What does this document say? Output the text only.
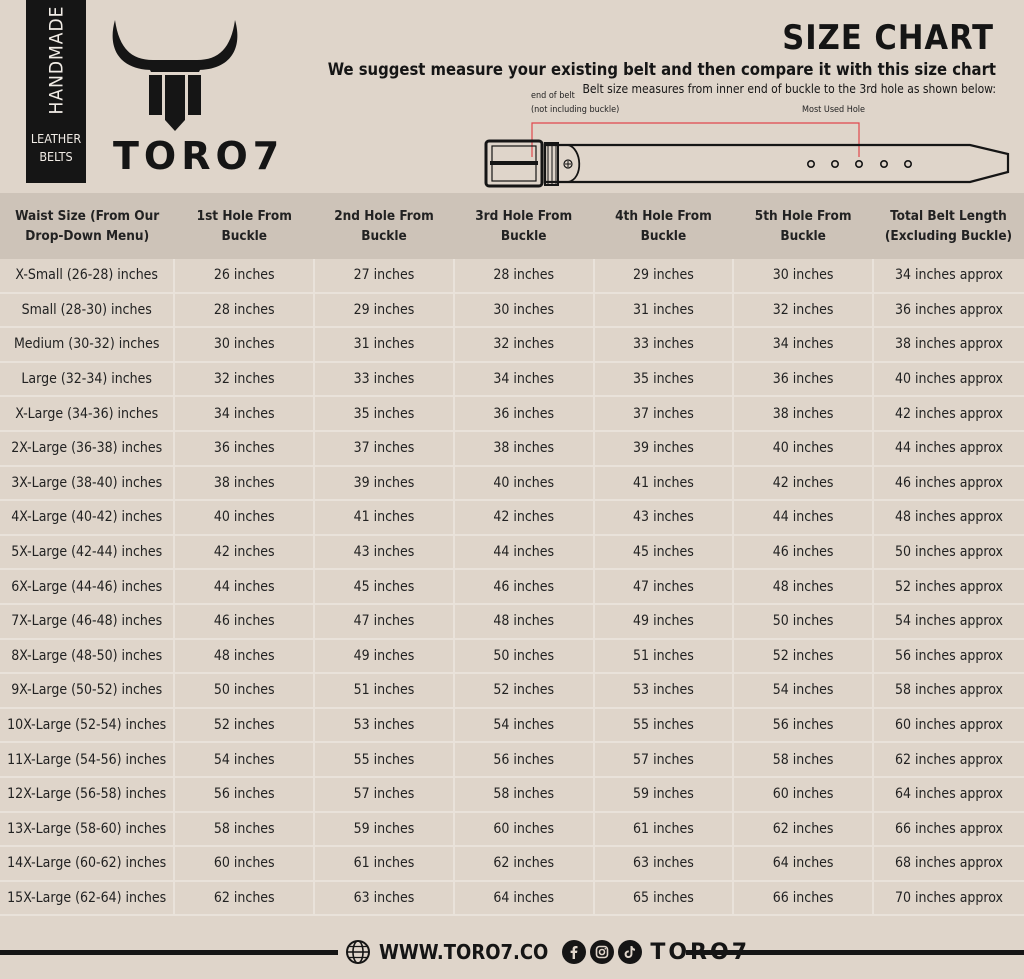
HANDMADE
LEATHER
BELTS	TORO7
SIZE CHART
We suggest measure your existing belt and then compare it with this size chart
Belt size measures from inner end of buckle to the 3rd hole as shown below:
end of belt
(not including buckle)	Most Used Hole
Waist Size (From Our Drop-Down Menu)	1st Hole From Buckle	2nd Hole From Buckle	3rd Hole From Buckle	4th Hole From Buckle	5th Hole From Buckle	Total Belt Length (Excluding Buckle)
X-Small (26-28) inches	26 inches	27 inches	28 inches	29 inches	30 inches	34 inches approx
Small (28-30) inches	28 inches	29 inches	30 inches	31 inches	32 inches	36 inches approx
Medium (30-32) inches	30 inches	31 inches	32 inches	33 inches	34 inches	38 inches approx
Large (32-34) inches	32 inches	33 inches	34 inches	35 inches	36 inches	40 inches approx
X-Large (34-36) inches	34 inches	35 inches	36 inches	37 inches	38 inches	42 inches approx
2X-Large (36-38) inches	36 inches	37 inches	38 inches	39 inches	40 inches	44 inches approx
3X-Large (38-40) inches	38 inches	39 inches	40 inches	41 inches	42 inches	46 inches approx
4X-Large (40-42) inches	40 inches	41 inches	42 inches	43 inches	44 inches	48 inches approx
5X-Large (42-44) inches	42 inches	43 inches	44 inches	45 inches	46 inches	50 inches approx
6X-Large (44-46) inches	44 inches	45 inches	46 inches	47 inches	48 inches	52 inches approx
7X-Large (46-48) inches	46 inches	47 inches	48 inches	49 inches	50 inches	54 inches approx
8X-Large (48-50) inches	48 inches	49 inches	50 inches	51 inches	52 inches	56 inches approx
9X-Large (50-52) inches	50 inches	51 inches	52 inches	53 inches	54 inches	58 inches approx
10X-Large (52-54) inches	52 inches	53 inches	54 inches	55 inches	56 inches	60 inches approx
11X-Large (54-56) inches	54 inches	55 inches	56 inches	57 inches	58 inches	62 inches approx
12X-Large (56-58) inches	56 inches	57 inches	58 inches	59 inches	60 inches	64 inches approx
13X-Large (58-60) inches	58 inches	59 inches	60 inches	61 inches	62 inches	66 inches approx
14X-Large (60-62) inches	60 inches	61 inches	62 inches	63 inches	64 inches	68 inches approx
15X-Large (62-64) inches	62 inches	63 inches	64 inches	65 inches	66 inches	70 inches approx
WWW.TORO7.CO	TORO7
